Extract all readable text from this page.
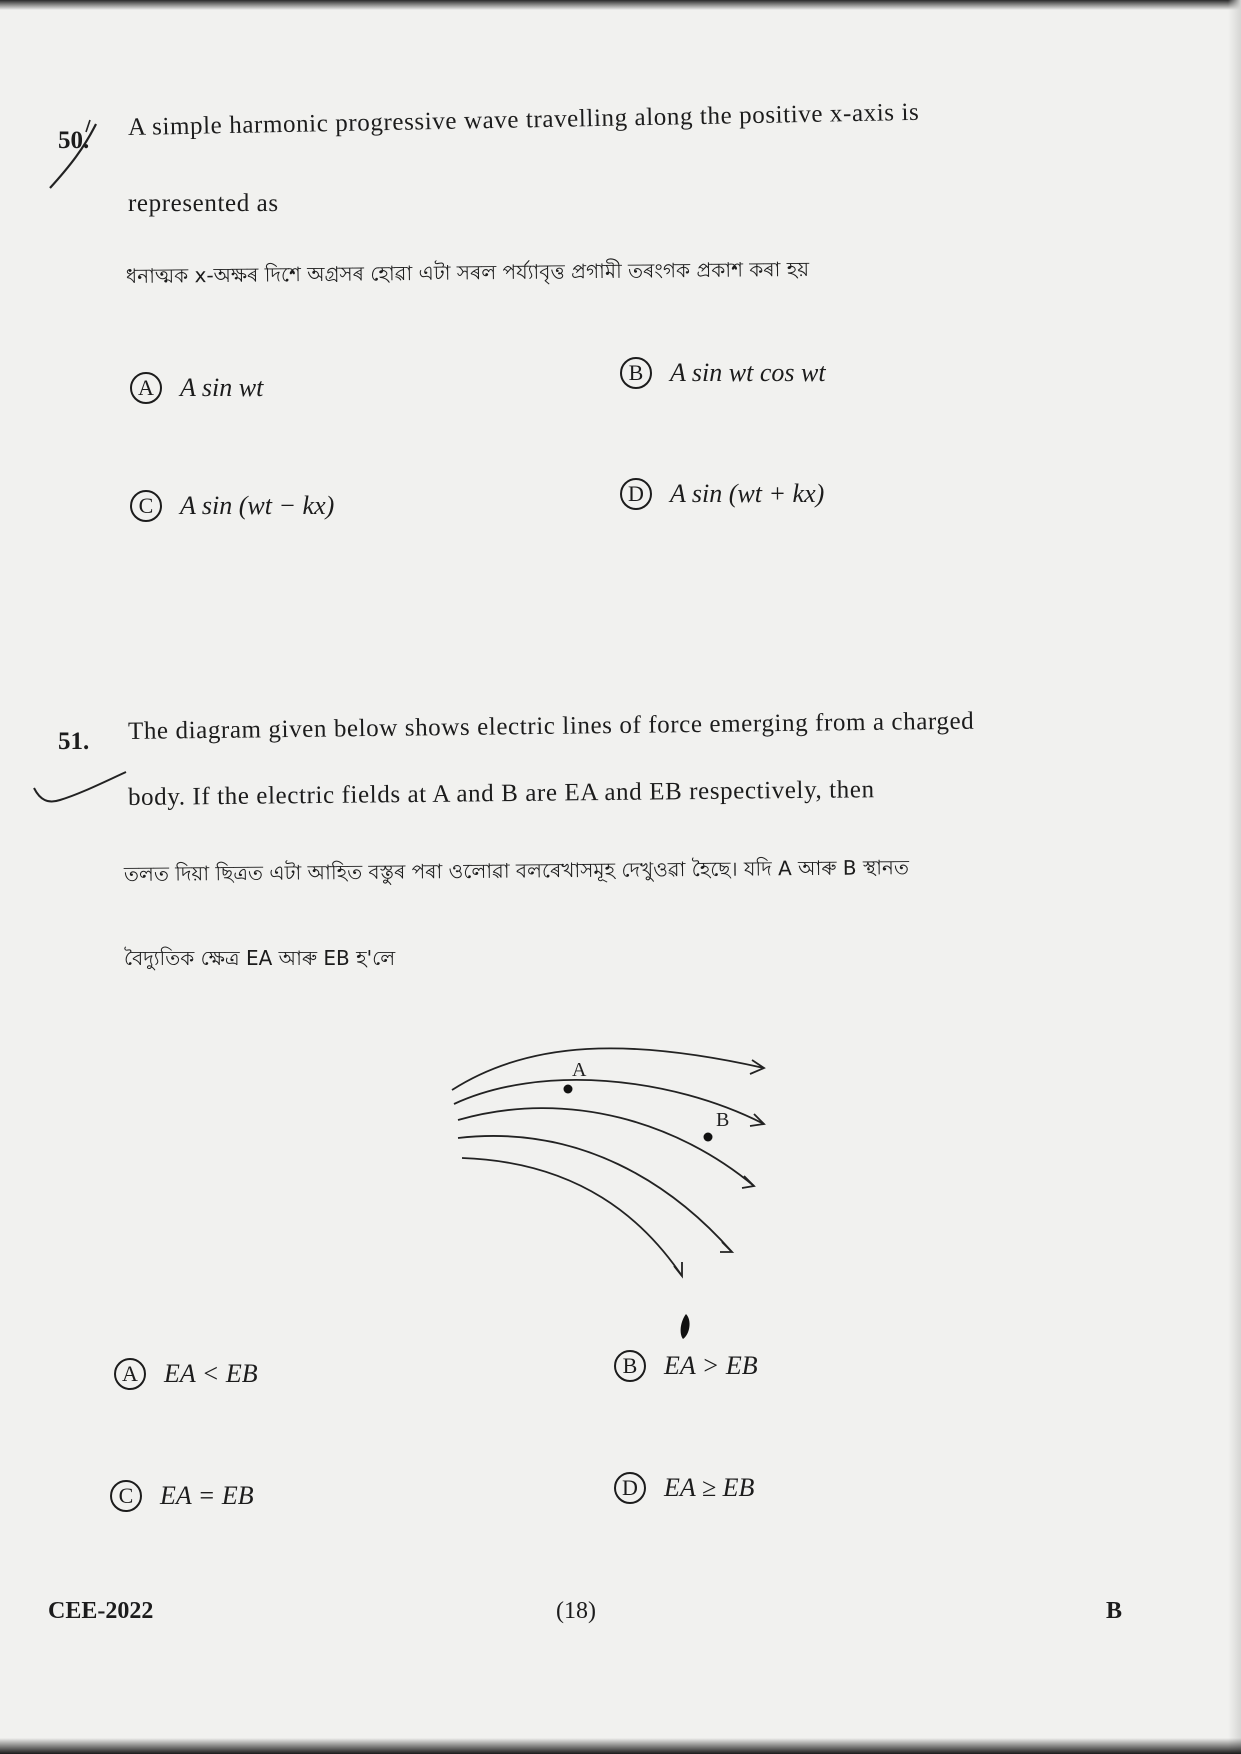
50. A simple harmonic progressive wave travelling along the positive x-axis is
represented as
ধনাত্মক x-অক্ষৰ দিশে অগ্ৰসৰ হোৱা এটা সৰল পৰ্য্যাবৃত্ত প্ৰগামী তৰংগক প্ৰকাশ কৰা হয়
A	A sin wt
B	A sin wt cos wt
C	A sin (wt − kx)	D	A sin (wt + kx)
51. The diagram given below shows electric lines of force emerging from a charged
body. If the electric fields at A and B are EA and EB respectively, then
তলত দিয়া ছিত্ৰত এটা আহিত বস্তুৰ পৰা ওলোৱা বলৰেখাসমূহ দেখুওৱা হৈছে। যদি A আৰু B স্থানত
বৈদ্যুতিক ক্ষেত্ৰ EA আৰু EB হ'লে
A
B
A	EA < EB	B	EA > EB
C	EA = EB	D	EA ≥ EB
CEE-2022	(18)	B
